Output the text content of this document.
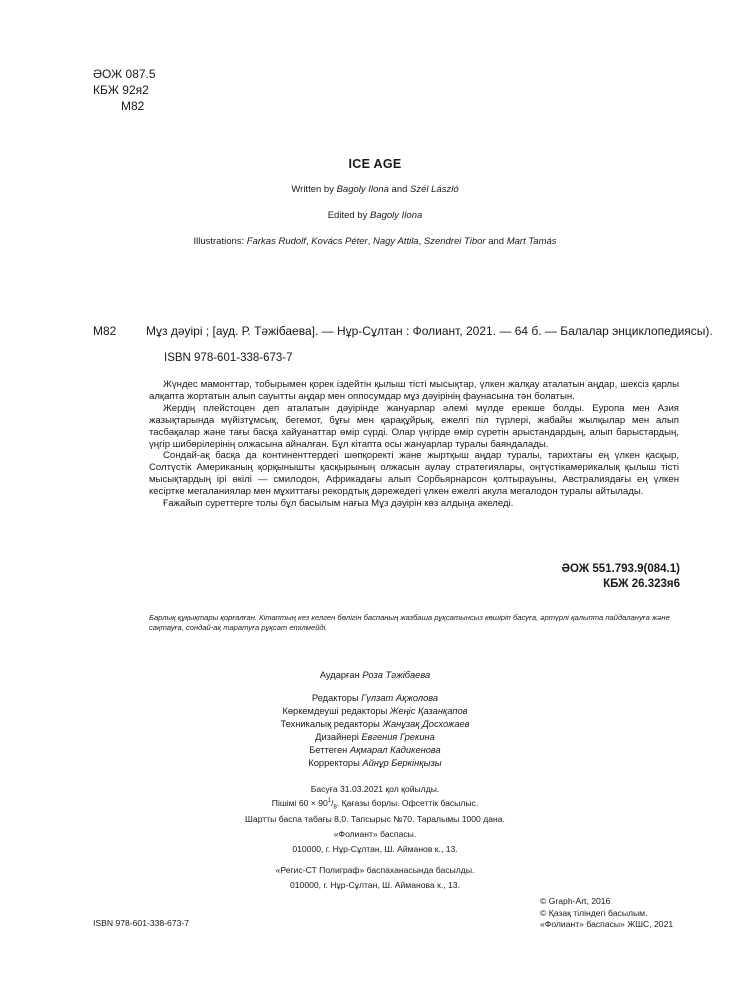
ӘОЖ 087.5
КБЖ 92я2
М82
ICE AGE
Written by Bagoly Ilona and Szél László
Edited by Bagoly Ilona
Illustrations: Farkas Rudolf, Kovács Péter, Nagy Attila, Szendrei Tibor and Mart Tamás
М82 Мұз дәуірі ; [ауд. Р. Тәжібаева]. — Нұр-Сұлтан : Фолиант, 2021. — 64 б. — Балалар энциклопедиясы).
ISBN 978-601-338-673-7

Жүндес мамонттар, тобырымен қорек іздейтін қылыш тісті мысықтар, үлкен жалқау аталатын аңдар, шексіз қарлы алқапта жортатын алып сауытты аңдар мен оппосумдар мұз дәуірінің фаунасына тән болатын.

Жердің плейстоцен деп аталатын дәуірінде жануарлар әлемі мүлде ерекше болды. Еуропа мен Азия жазықтарында мүйізтұмсық, бегемот, бұғы мен қарақұйрық, ежелгі піл түрлері, жабайы жылқылар мен алып тасбақалар және тағы басқа хайуанаттар өмір сүрді. Олар үңгірде өмір сүретін арыстандардың, алып барыстардың, үңгір шибөрілерінің олжасына айналған. Бұл кітапта осы жануарлар туралы баяндалады.

Сондай-ақ басқа да континенттердегі шөпқоректі және жыртқыш аңдар туралы, тарихтағы ең үлкен қасқыр, Солтүстік Американың қорқынышты қасқырының олжасын аулау стратегиялары, оңтүстікамерикалық қылыш тісті мысықтардың ірі өкілі — смилодон, Африкадағы алып Сорбьярнарсон қолтырауыны, Австралиядағы ең үлкен кесіртке мегаланиялар мен мұхиттағы рекордтық дәрежедегі үлкен ежелгі акула мегалодон туралы айтылады.

Ғажайып суреттерге толы бұл басылым нағыз Мұз дәуірін көз алдыңа әкеледі.

ӘОЖ 551.793.9(084.1)
КБЖ 26.323я6
Барлық құқықтары қорғалған. Кітаптың кез келген бөлігін баспаның жазбаша рұқсатынсыз көшіріп басуға, әртүрлі қалыпта пайдалануға және сақтауға, сондай-ақ таратуға рұқсат етілмейді.
Аударған Роза Тәжібаева
Редакторы Гүлзат Ақжолова
Көркемдеуші редакторы Жеңіс Қазанқапов
Техникалық редакторы Жанұзақ Досхожаев
Дизайнері Евгения Грекина
Беттеген Ақмарал Кадикенова
Корректоры Айнұр Беркінқызы

Басуға 31.03.2021 қол қойылды.

Пішімі $60 \times 90^1/_8$. Қағазы борлы. Офсеттік басылыс.

Шартты баспа табағы 8,0. Тапсырыс №70. Таралымы 1000 дана.

«Фолиант» баспасы.

010000, г. Нұр-Сұлтан, Ш. Айманов к., 13.

«Регис-СТ Полиграф» баспаханасында басылды.

010000, г. Нұр-Сұлтан, Ш. Айманова к., 13.

© Graph-Art, 2016
© Қазақ тіліндегі басылым.
«Фолиант» баспасы» ЖШС, 2021
ISBN 978-601-338-673-7
